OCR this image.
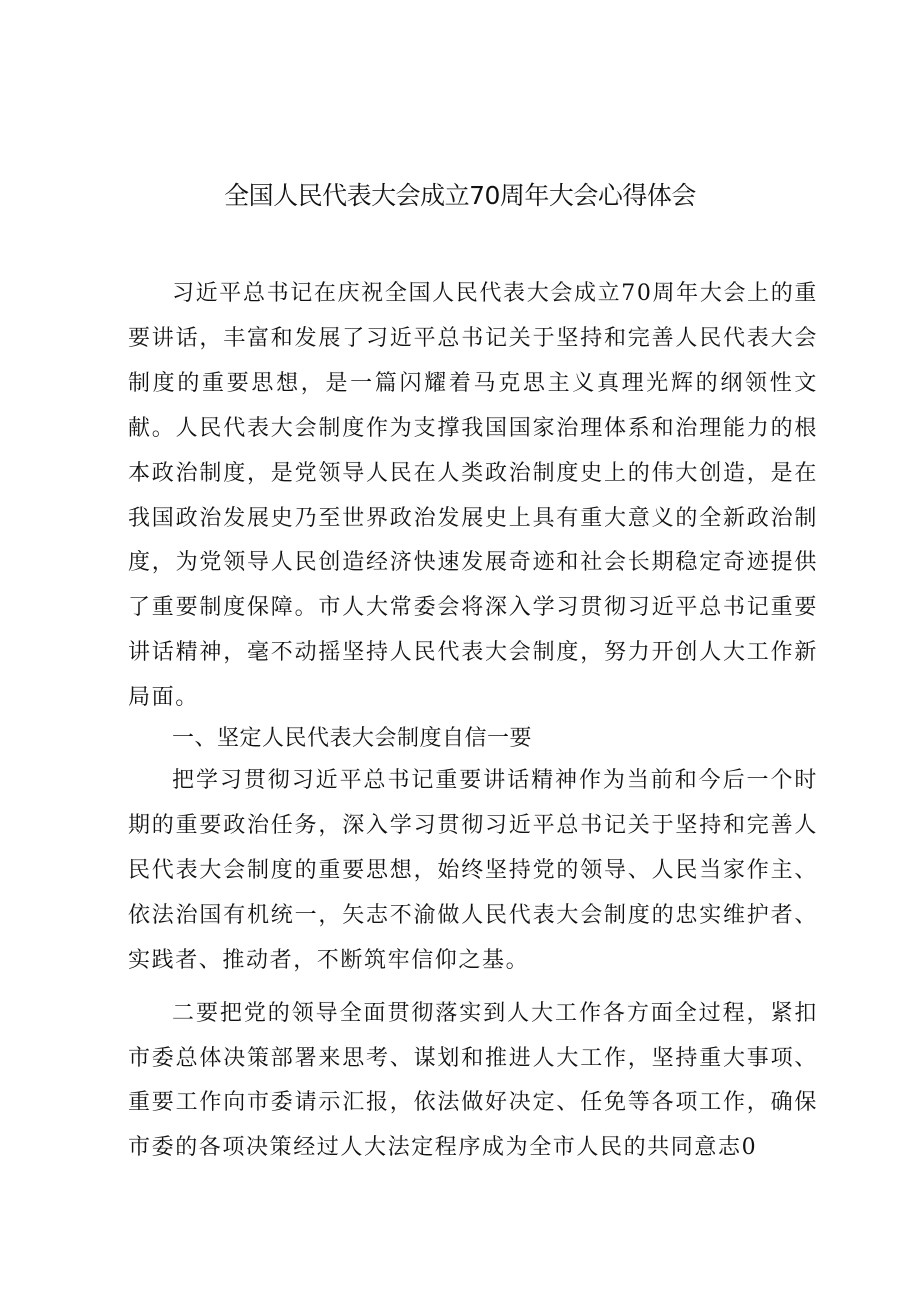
全国人民代表大会成立70周年大会心得体会

习近平总书记在庆祝全国人民代表大会成立70周年大会上的重要讲话，丰富和发展了习近平总书记关于坚持和完善人民代表大会制度的重要思想，是一篇闪耀着马克思主义真理光辉的纲领性文献。人民代表大会制度作为支撑我国国家治理体系和治理能力的根本政治制度，是党领导人民在人类政治制度史上的伟大创造，是在我国政治发展史乃至世界政治发展史上具有重大意义的全新政治制度，为党领导人民创造经济快速发展奇迹和社会长期稳定奇迹提供了重要制度保障。市人大常委会将深入学习贯彻习近平总书记重要讲话精神，毫不动摇坚持人民代表大会制度，努力开创人大工作新局面。

一、坚定人民代表大会制度自信一要

把学习贯彻习近平总书记重要讲话精神作为当前和今后一个时期的重要政治任务，深入学习贯彻习近平总书记关于坚持和完善人民代表大会制度的重要思想，始终坚持党的领导、人民当家作主、依法治国有机统一，矢志不渝做人民代表大会制度的忠实维护者、实践者、推动者，不断筑牢信仰之基。

二要把党的领导全面贯彻落实到人大工作各方面全过程，紧扣市委总体决策部署来思考、谋划和推进人大工作，坚持重大事项、重要工作向市委请示汇报，依法做好决定、任免等各项工作，确保市委的各项决策经过人大法定程序成为全市人民的共同意志0
